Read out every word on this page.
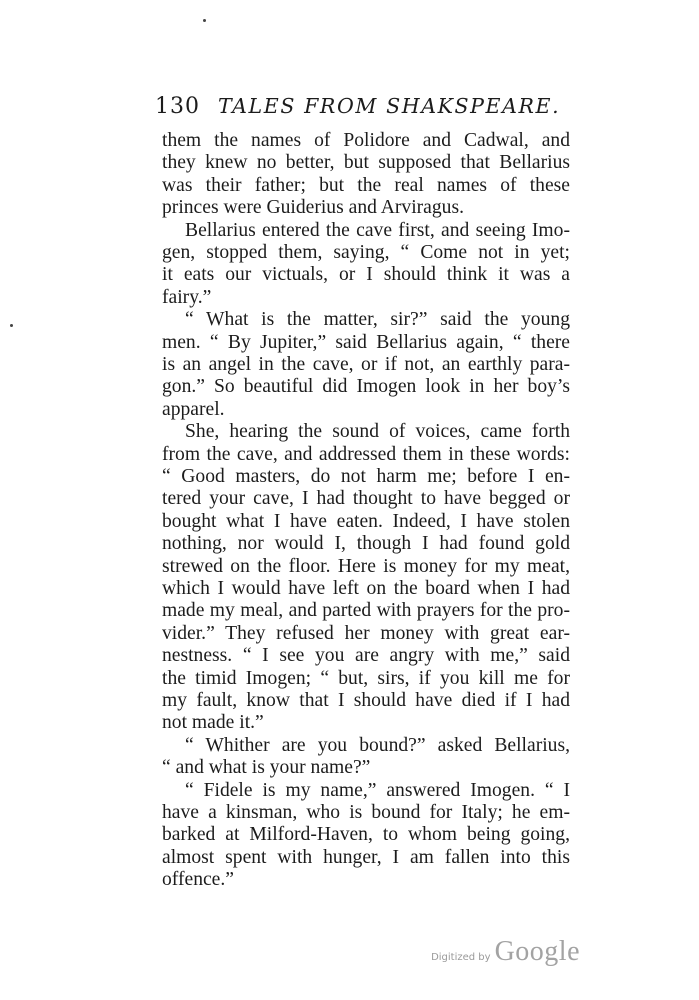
130 TALES FROM SHAKSPEARE.
them the names of Polidore and Cadwal, and
they knew no better, but supposed that Bellarius
was their father; but the real names of these
princes were Guiderius and Arviragus.
Bellarius entered the cave first, and seeing Imo-
gen, stopped them, saying, “ Come not in yet;
it eats our victuals, or I should think it was a
fairy.”
“ What is the matter, sir?” said the young
men. “ By Jupiter,” said Bellarius again, “ there
is an angel in the cave, or if not, an earthly para-
gon.” So beautiful did Imogen look in her boy’s
apparel.
She, hearing the sound of voices, came forth
from the cave, and addressed them in these words:
“ Good masters, do not harm me; before I en-
tered your cave, I had thought to have begged or
bought what I have eaten. Indeed, I have stolen
nothing, nor would I, though I had found gold
strewed on the floor. Here is money for my meat,
which I would have left on the board when I had
made my meal, and parted with prayers for the pro-
vider.” They refused her money with great ear-
nestness. “ I see you are angry with me,” said
the timid Imogen; “ but, sirs, if you kill me for
my fault, know that I should have died if I had
not made it.”
“ Whither are you bound?” asked Bellarius,
“ and what is your name?”
“ Fidele is my name,” answered Imogen. “ I
have a kinsman, who is bound for Italy; he em-
barked at Milford-Haven, to whom being going,
almost spent with hunger, I am fallen into this
offence.”
Digitized by Google
